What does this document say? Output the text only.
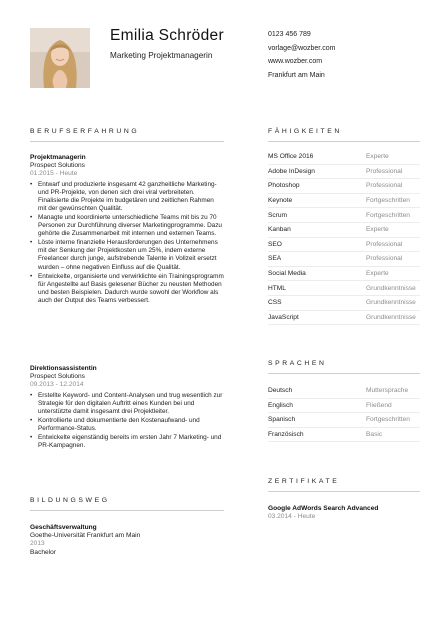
Emilia Schröder
Marketing Projektmanagerin
0123 456 789
vorlage@wozber.com
www.wozber.com
Frankfurt am Main
BERUFSERFAHRUNG	FÄHIGKEITEN
SPRACHEN
ZERTIFIKATE
BILDUNGSWEG
Projektmanagerin
Prospect Solutions
01.2015 - Heute
• Entwarf und produzierte insgesamt 42 ganzheitliche Marketing- und PR-Projekte, von denen sich drei viral verbreiteten. Finalisierte die Projekte im budgetären und zeitlichen Rahmen mit der gewünschten Qualität.
• Managte und koordinierte unterschiedliche Teams mit bis zu 70 Personen zur Durchführung diverser Marketingprogramme. Dazu gehörte die Zusammenarbeit mit internen und externen Teams.
• Löste interne finanzielle Herausforderungen des Unternehmens mit der Senkung der Projektkosten um 25%, indem externe Freelancer durch junge, aufstrebende Talente in Vollzeit ersetzt wurden – ohne negativen Einfluss auf die Qualität.
• Entwickelte, organisierte und verwirklichte ein Trainingsprogramm für Angestellte auf Basis gelesener Bücher zu neusten Methoden und besten Beispielen. Dadurch wurde sowohl der Workflow als auch der Output des Teams verbessert.
Direktionsassistentin
Prospect Solutions
09.2013 - 12.2014
• Erstellte Keyword- und Content-Analysen und trug wesentlich zur Strategie für den digitalen Auftritt eines Kunden bei und unterstützte damit insgesamt drei Projektleiter.
• Kontrollierte und dokumentierte den Kostenaufwand- und Performance-Status.
• Entwickelte eigenständig bereits im ersten Jahr 7 Marketing- und PR-Kampagnen.
Geschäftsverwaltung
Goethe-Universität Frankfurt am Main
2013
Bachelor
MS Office 2016	Experte
Adobe InDesign	Professional
Photoshop	Professional
Keynote	Fortgeschritten
Scrum	Fortgeschritten
Kanban	Experte
SEO	Professional
SEA	Professional
Social Media	Experte
HTML	Grundkenntnisse
CSS	Grundkenntnisse
JavaScript	Grundkenntnisse
Deutsch	Muttersprache
Englisch	Fließend
Spanisch	Fortgeschritten
Französisch	Basic
Google AdWords Search Advanced
03.2014 - Heute
